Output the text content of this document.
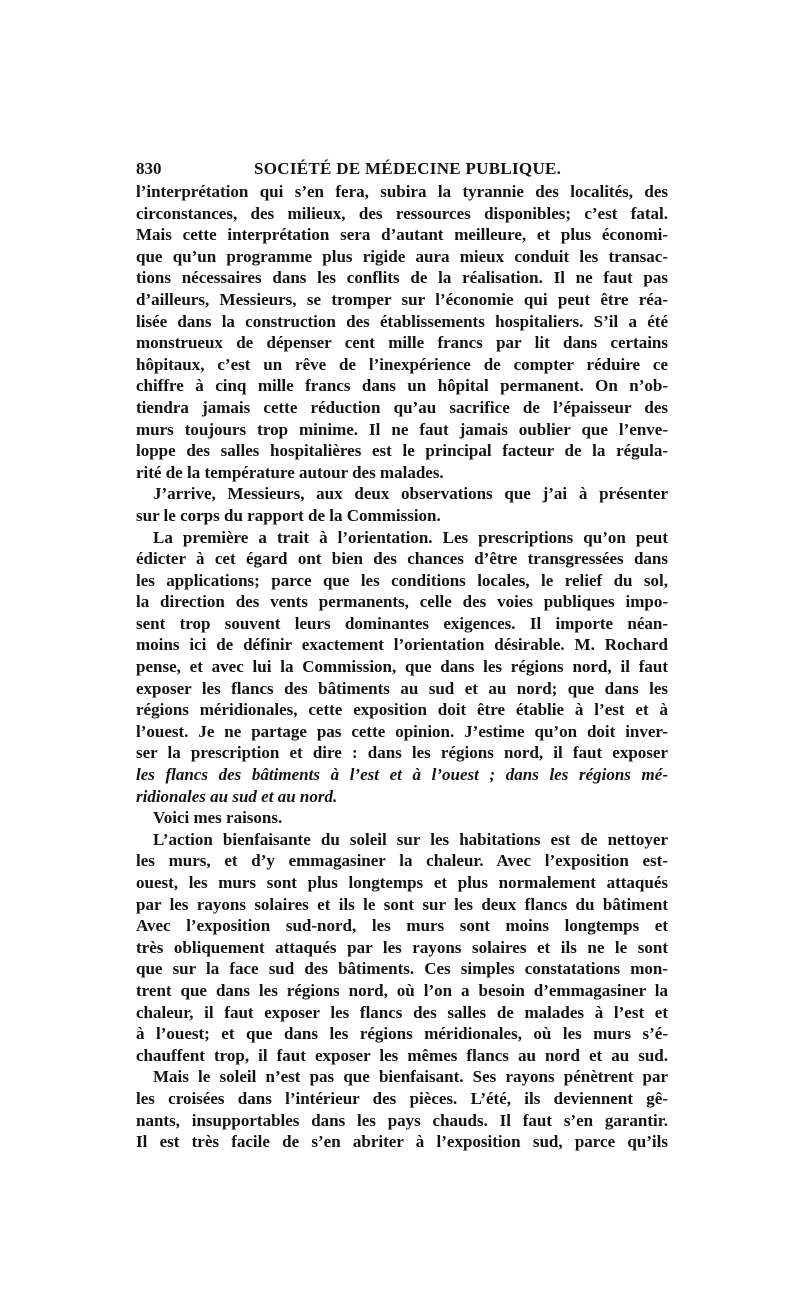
830	SOCIÉTÉ DE MÉDECINE PUBLIQUE.
l’interprétation qui s’en fera, subira la tyrannie des localités, des
circonstances, des milieux, des ressources disponibles; c’est fatal.
Mais cette interprétation sera d’autant meilleure, et plus économi-
que qu’un programme plus rigide aura mieux conduit les transac-
tions nécessaires dans les conflits de la réalisation. Il ne faut pas
d’ailleurs, Messieurs, se tromper sur l’économie qui peut être réa-
lisée dans la construction des établissements hospitaliers. S’il a été
monstrueux de dépenser cent mille francs par lit dans certains
hôpitaux, c’est un rêve de l’inexpérience de compter réduire ce
chiffre à cinq mille francs dans un hôpital permanent. On n’ob-
tiendra jamais cette réduction qu’au sacrifice de l’épaisseur des
murs toujours trop minime. Il ne faut jamais oublier que l’enve-
loppe des salles hospitalières est le principal facteur de la régula-
rité de la température autour des malades.
J’arrive, Messieurs, aux deux observations que j’ai à présenter
sur le corps du rapport de la Commission.
La première a trait à l’orientation. Les prescriptions qu’on peut
édicter à cet égard ont bien des chances d’être transgressées dans
les applications; parce que les conditions locales, le relief du sol,
la direction des vents permanents, celle des voies publiques impo-
sent trop souvent leurs dominantes exigences. Il importe néan-
moins ici de définir exactement l’orientation désirable. M. Rochard
pense, et avec lui la Commission, que dans les régions nord, il faut
exposer les flancs des bâtiments au sud et au nord; que dans les
régions méridionales, cette exposition doit être établie à l’est et à
l’ouest. Je ne partage pas cette opinion. J’estime qu’on doit inver-
ser la prescription et dire : dans les régions nord, il faut exposer
les flancs des bâtiments à l’est et à l’ouest ; dans les régions mé-
ridionales au sud et au nord.
Voici mes raisons.
L’action bienfaisante du soleil sur les habitations est de nettoyer
les murs, et d’y emmagasiner la chaleur. Avec l’exposition est-
ouest, les murs sont plus longtemps et plus normalement attaqués
par les rayons solaires et ils le sont sur les deux flancs du bâtiment
Avec l’exposition sud-nord, les murs sont moins longtemps et
très obliquement attaqués par les rayons solaires et ils ne le sont
que sur la face sud des bâtiments. Ces simples constatations mon-
trent que dans les régions nord, où l’on a besoin d’emmagasiner la
chaleur, il faut exposer les flancs des salles de malades à l’est et
à l’ouest; et que dans les régions méridionales, où les murs s’é-
chauffent trop, il faut exposer les mêmes flancs au nord et au sud.
Mais le soleil n’est pas que bienfaisant. Ses rayons pénètrent par
les croisées dans l’intérieur des pièces. L’été, ils deviennent gê-
nants, insupportables dans les pays chauds. Il faut s’en garantir.
Il est très facile de s’en abriter à l’exposition sud, parce qu’ils
